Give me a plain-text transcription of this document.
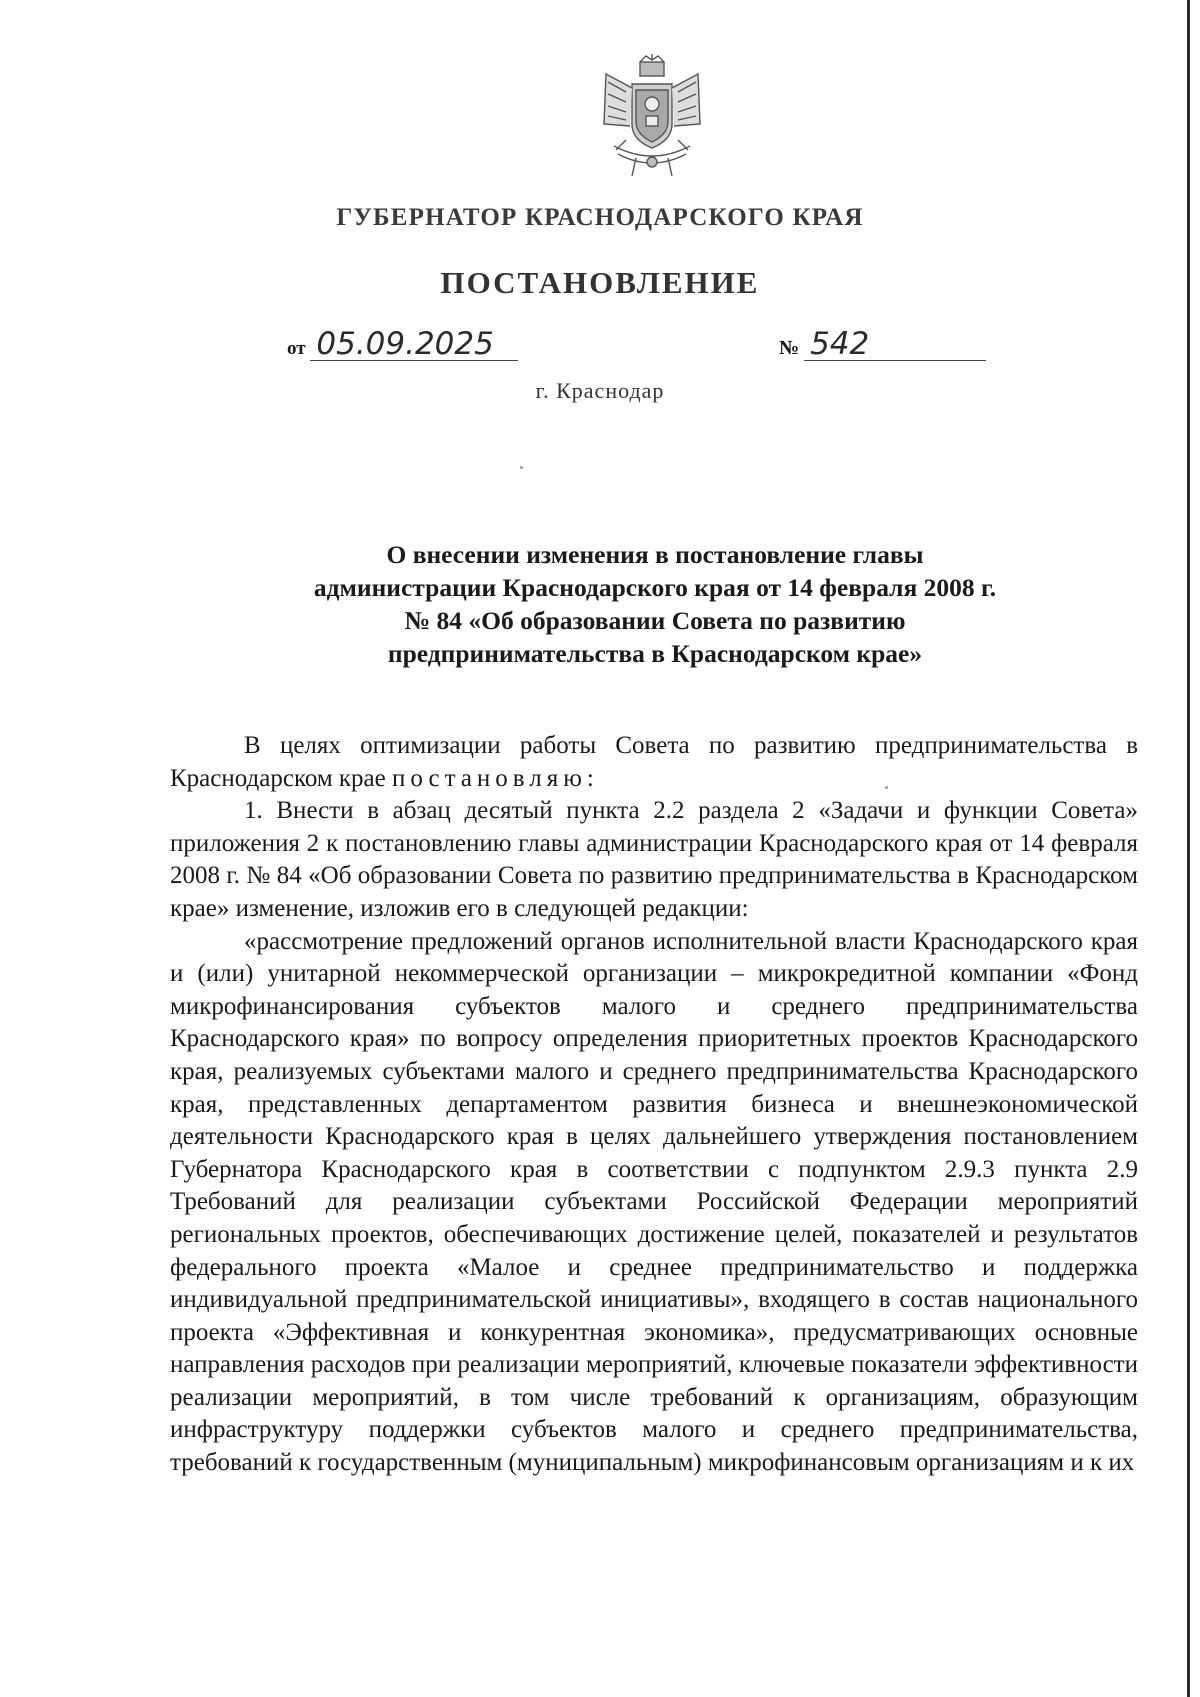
ГУБЕРНАТОР КРАСНОДАРСКОГО КРАЯ
ПОСТАНОВЛЕНИЕ
от 05.09.2025	№ 542
г. Краснодар
О внесении изменения в постановление главы администрации Краснодарского края от 14 февраля 2008 г. № 84 «Об образовании Совета по развитию предпринимательства в Краснодарском крае»

В целях оптимизации работы Совета по развитию предпринимательства в Краснодарском крае постановляю:

1. Внести в абзац десятый пункта 2.2 раздела 2 «Задачи и функции Совета» приложения 2 к постановлению главы администрации Краснодарского края от 14 февраля 2008 г. № 84 «Об образовании Совета по развитию предпринимательства в Краснодарском крае» изменение, изложив его в следующей редакции:

«рассмотрение предложений органов исполнительной власти Краснодарского края и (или) унитарной некоммерческой организации – микрокредитной компании «Фонд микрофинансирования субъектов малого и среднего предпринимательства Краснодарского края» по вопросу определения приоритетных проектов Краснодарского края, реализуемых субъектами малого и среднего предпринимательства Краснодарского края, представленных департаментом развития бизнеса и внешнеэкономической деятельности Краснодарского края в целях дальнейшего утверждения постановлением Губернатора Краснодарского края в соответствии с подпунктом 2.9.3 пункта 2.9 Требований для реализации субъектами Российской Федерации мероприятий региональных проектов, обеспечивающих достижение целей, показателей и результатов федерального проекта «Малое и среднее предпринимательство и поддержка индивидуальной предпринимательской инициативы», входящего в состав национального проекта «Эффективная и конкурентная экономика», предусматривающих основные направления расходов при реализации мероприятий, ключевые показатели эффективности реализации мероприятий, в том числе требований к организациям, образующим инфраструктуру поддержки субъектов малого и среднего предпринимательства, требований к государственным (муниципальным) микрофинансовым организациям и к их
